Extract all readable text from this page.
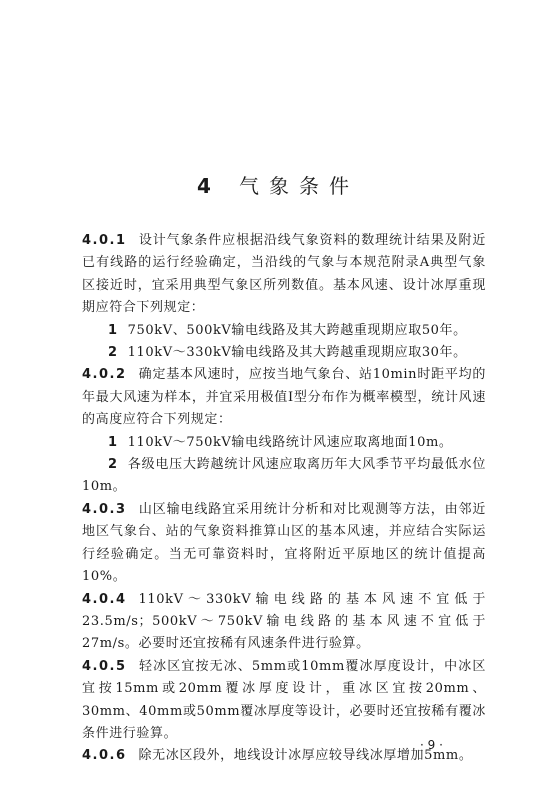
4 气象条件

4.0.1 设计气象条件应根据沿线气象资料的数理统计结果及附近已有线路的运行经验确定，当沿线的气象与本规范附录A典型气象区接近时，宜采用典型气象区所列数值。基本风速、设计冰厚重现期应符合下列规定：

1 750kV、500kV输电线路及其大跨越重现期应取50年。

2 110kV～330kV输电线路及其大跨越重现期应取30年。

4.0.2 确定基本风速时，应按当地气象台、站10min时距平均的年最大风速为样本，并宜采用极值Ⅰ型分布作为概率模型，统计风速的高度应符合下列规定：

1 110kV～750kV输电线路统计风速应取离地面10m。

2 各级电压大跨越统计风速应取离历年大风季节平均最低水位10m。

4.0.3 山区输电线路宜采用统计分析和对比观测等方法，由邻近地区气象台、站的气象资料推算山区的基本风速，并应结合实际运行经验确定。当无可靠资料时，宜将附近平原地区的统计值提高10%。

4.0.4 110kV～330kV输电线路的基本风速不宜低于23.5m/s；500kV～750kV输电线路的基本风速不宜低于27m/s。必要时还宜按稀有风速条件进行验算。

4.0.5 轻冰区宜按无冰、5mm或10mm覆冰厚度设计，中冰区宜按15mm或20mm覆冰厚度设计，重冰区宜按20mm、30mm、40mm或50mm覆冰厚度等设计，必要时还宜按稀有覆冰条件进行验算。

4.0.6 除无冰区段外，地线设计冰厚应较导线冰厚增加5mm。

· 9 ·
